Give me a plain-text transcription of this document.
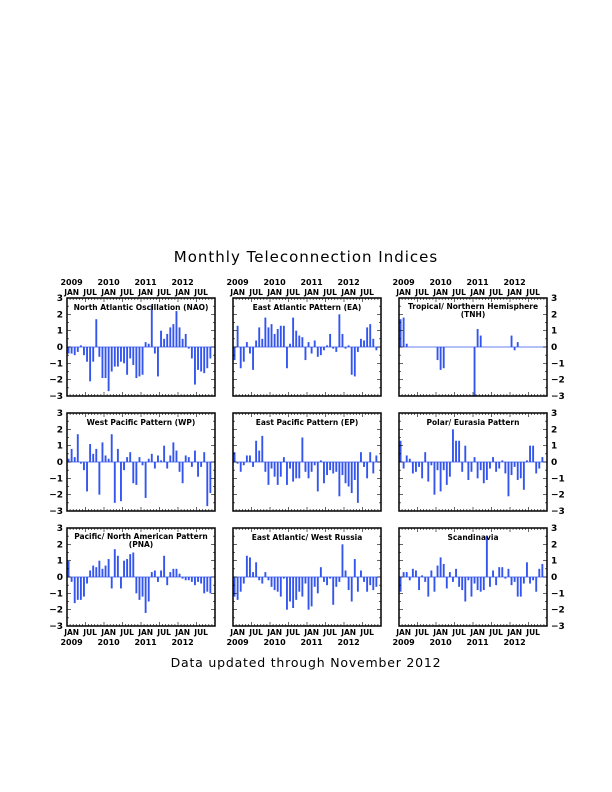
Monthly Teleconnection Indices
North Atlantic Oscillation (NAO)
3
2
1
0
−1
−2
−3
JAN JUL JAN JUL JAN JUL JAN JUL
2009 2010 2011 2012
East Atlantic PAttern (EA)
JAN JUL JAN JUL JAN JUL JAN JUL
2009 2010 2011 2012
Tropical/ Northern Hemisphere
(TNH)
3
2
1
0
−1
−2
−3
JAN JUL JAN JUL JAN JUL JAN JUL
2009 2010 2011 2012
West Pacific Pattern (WP)
3
2
1
0
−1
−2
−3
East Pacific Pattern (EP)	Polar/ Eurasia Pattern
3
2
1
0
−1
−2
−3
Pacific/ North American Pattern
(PNA)
3
2
1
0
−1
−2
−3
JAN JUL JAN JUL JAN JUL JAN JUL
2009 2010 2011 2012
East Atlantic/ West Russia
JAN JUL JAN JUL JAN JUL JAN JUL
2009 2010 2011 2012
Scandinavia
3
2
1
0
−1
−2
−3
JAN JUL JAN JUL JAN JUL JAN JUL
2009 2010 2011 2012
Data updated through November 2012
